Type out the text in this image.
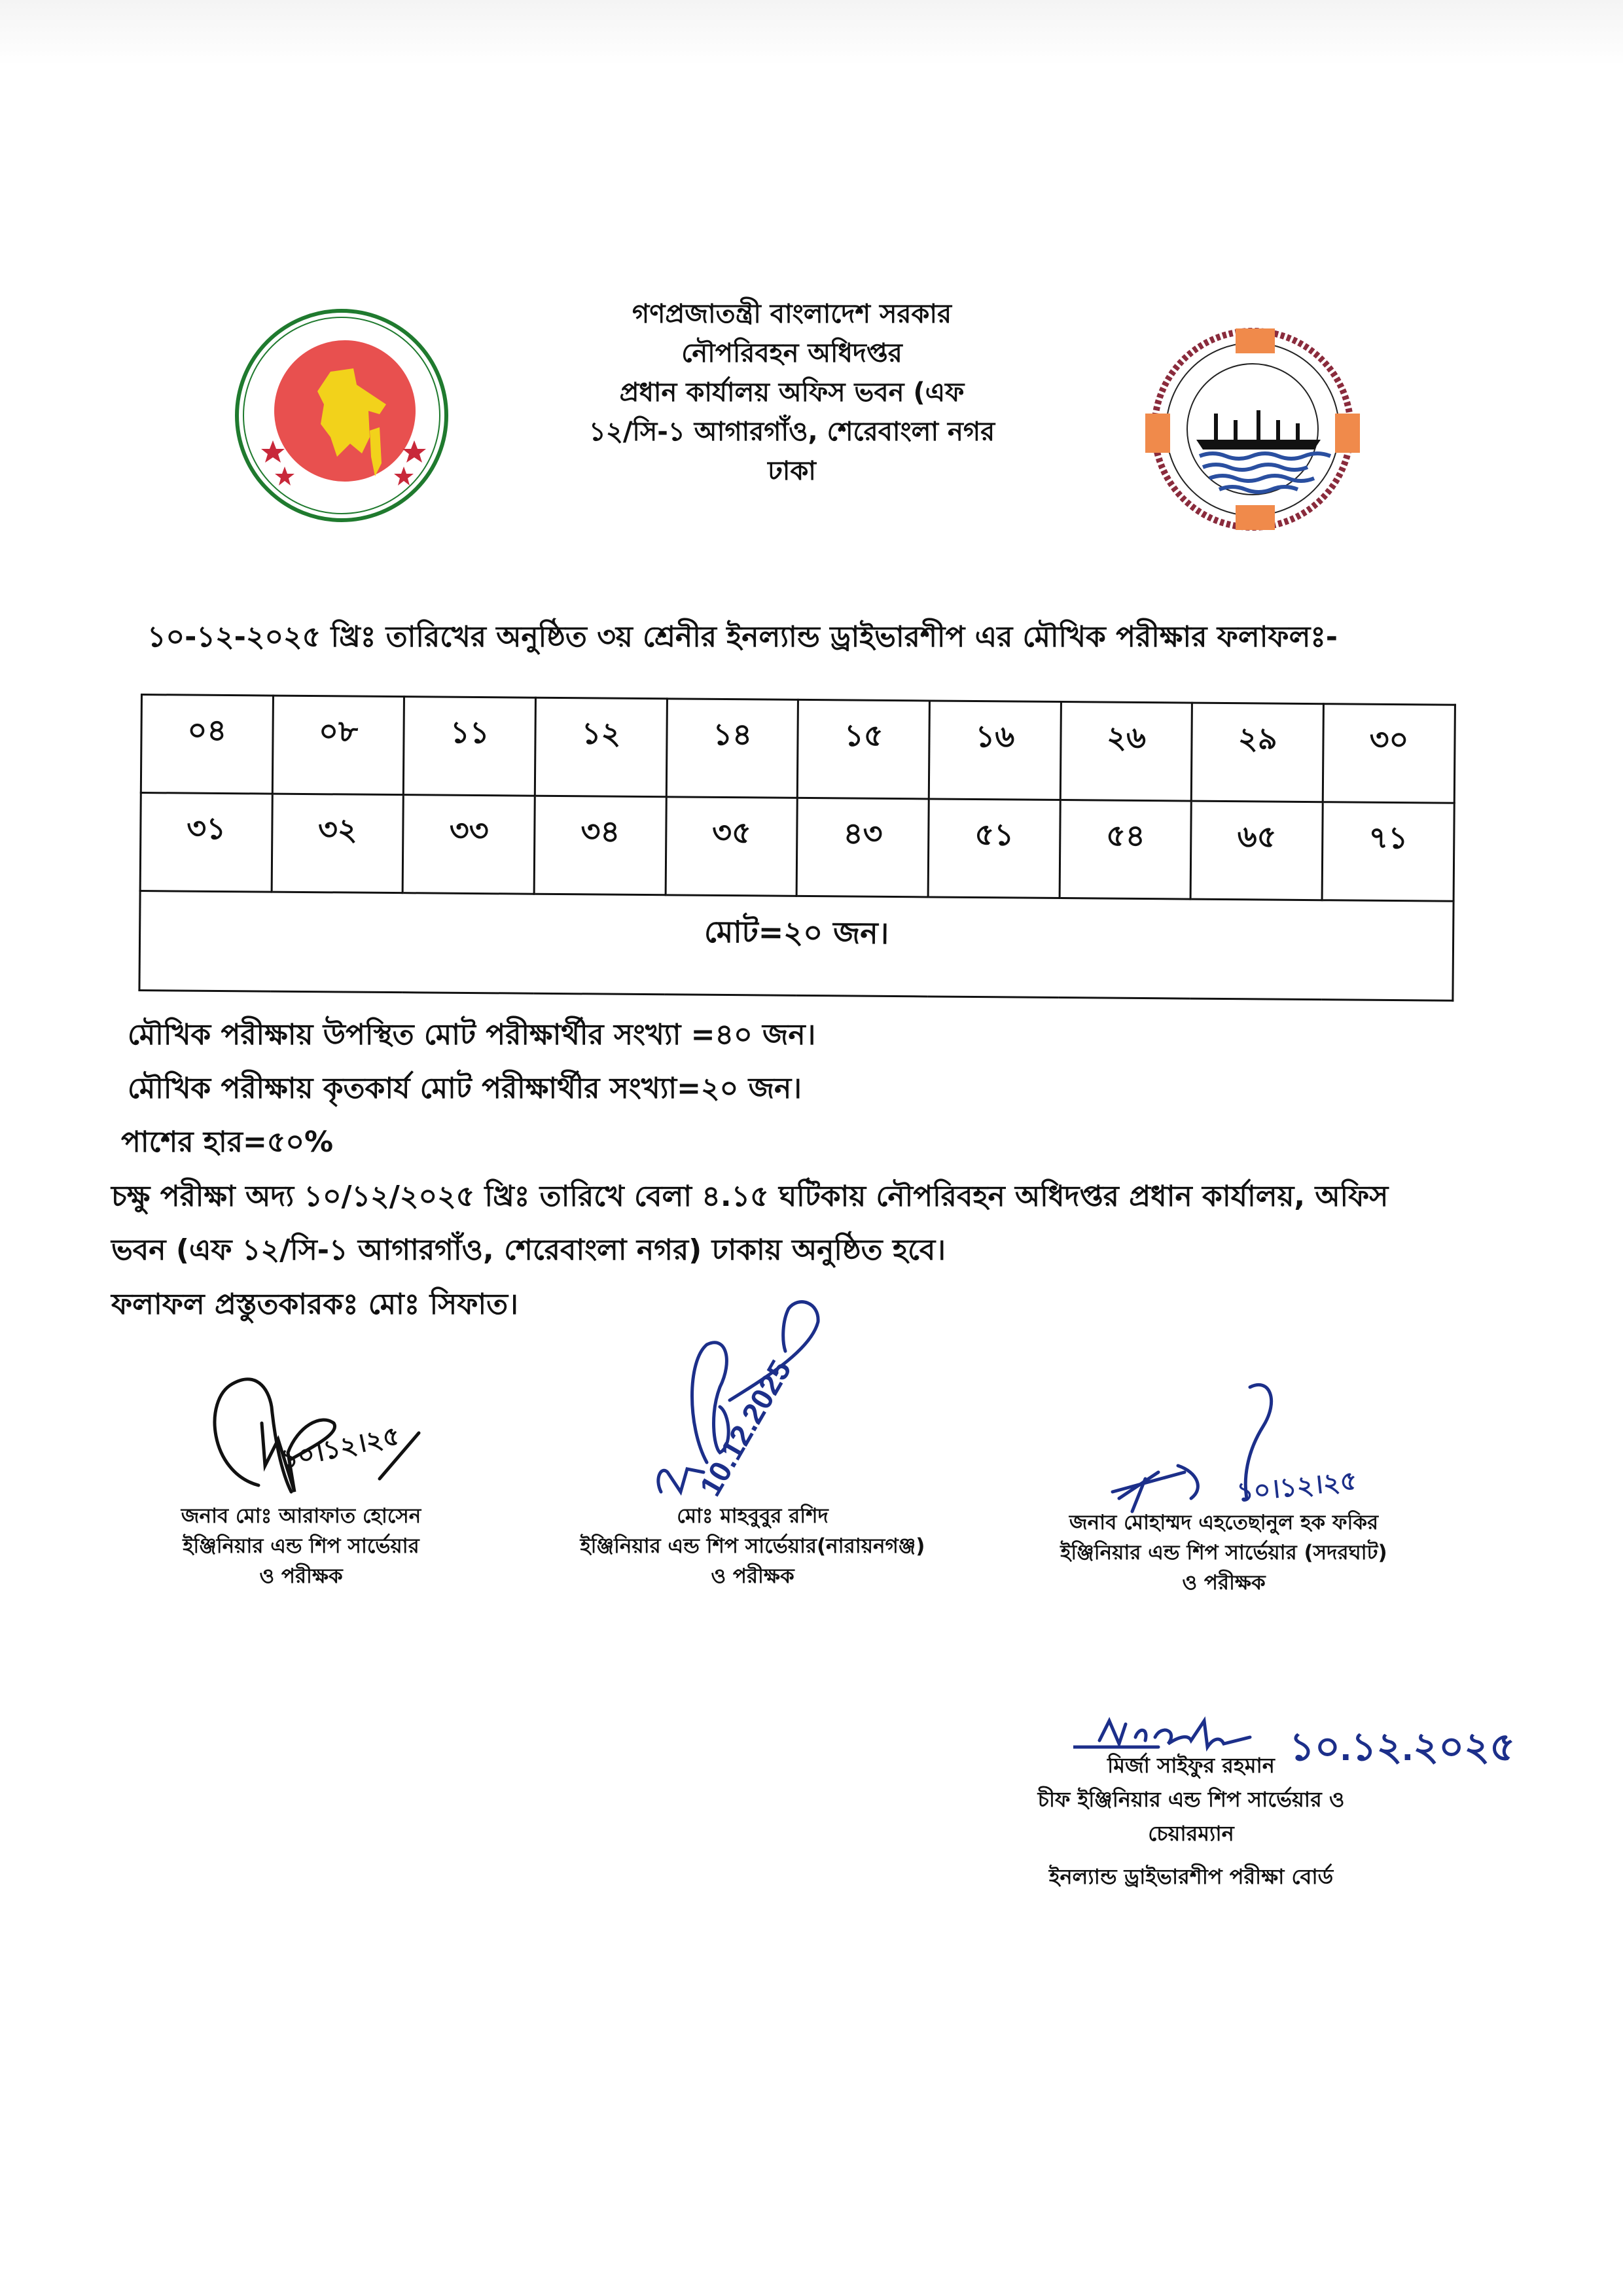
গণপ্রজাতন্ত্রী বাংলাদেশ সরকার
নৌপরিবহন অধিদপ্তর
প্রধান কার্যালয় অফিস ভবন (এফ
১২/সি-১ আগারগাঁও, শেরেবাংলা নগর
ঢাকা
১০-১২-২০২৫ খ্রিঃ তারিখের অনুষ্ঠিত ৩য় শ্রেনীর ইনল্যান্ড ড্রাইভারশীপ এর মৌখিক পরীক্ষার ফলাফলঃ-
০৪	০৮	১১	১২	১৪	১৫	১৬	২৬	২৯	৩০
৩১	৩২	৩৩	৩৪	৩৫	৪৩	৫১	৫৪	৬৫	৭১
মোট=২০ জন।									
মৌখিক পরীক্ষায় উপস্থিত মোট পরীক্ষার্থীর সংখ্যা =৪০ জন।
মৌখিক পরীক্ষায় কৃতকার্য মোট পরীক্ষার্থীর সংখ্যা=২০ জন।
পাশের হার=৫০%
চক্ষু পরীক্ষা অদ্য ১০/১২/২০২৫ খ্রিঃ তারিখে বেলা ৪.১৫ ঘটিকায় নৌপরিবহন অধিদপ্তর প্রধান কার্যালয়, অফিস
ভবন (এফ ১২/সি-১ আগারগাঁও, শেরেবাংলা নগর) ঢাকায় অনুষ্ঠিত হবে।
ফলাফল প্রস্তুতকারকঃ মোঃ সিফাত।
১০।১২।২৫
জনাব মোঃ আরাফাত হোসেন
ইঞ্জিনিয়ার এন্ড শিপ সার্ভেয়ার
ও পরীক্ষক
10.12.2025
মোঃ মাহবুবুর রশিদ
ইঞ্জিনিয়ার এন্ড শিপ সার্ভেয়ার(নারায়নগঞ্জ)
ও পরীক্ষক
১০।১২।২৫
জনাব মোহাম্মদ এহতেছানুল হক ফকির
ইঞ্জিনিয়ার এন্ড শিপ সার্ভেয়ার (সদরঘাট)
ও পরীক্ষক
১০.১২.২০২৫
মির্জা সাইফুর রহমান
চীফ ইঞ্জিনিয়ার এন্ড শিপ সার্ভেয়ার ও
চেয়ারম্যান
ইনল্যান্ড ড্রাইভারশীপ পরীক্ষা বোর্ড
